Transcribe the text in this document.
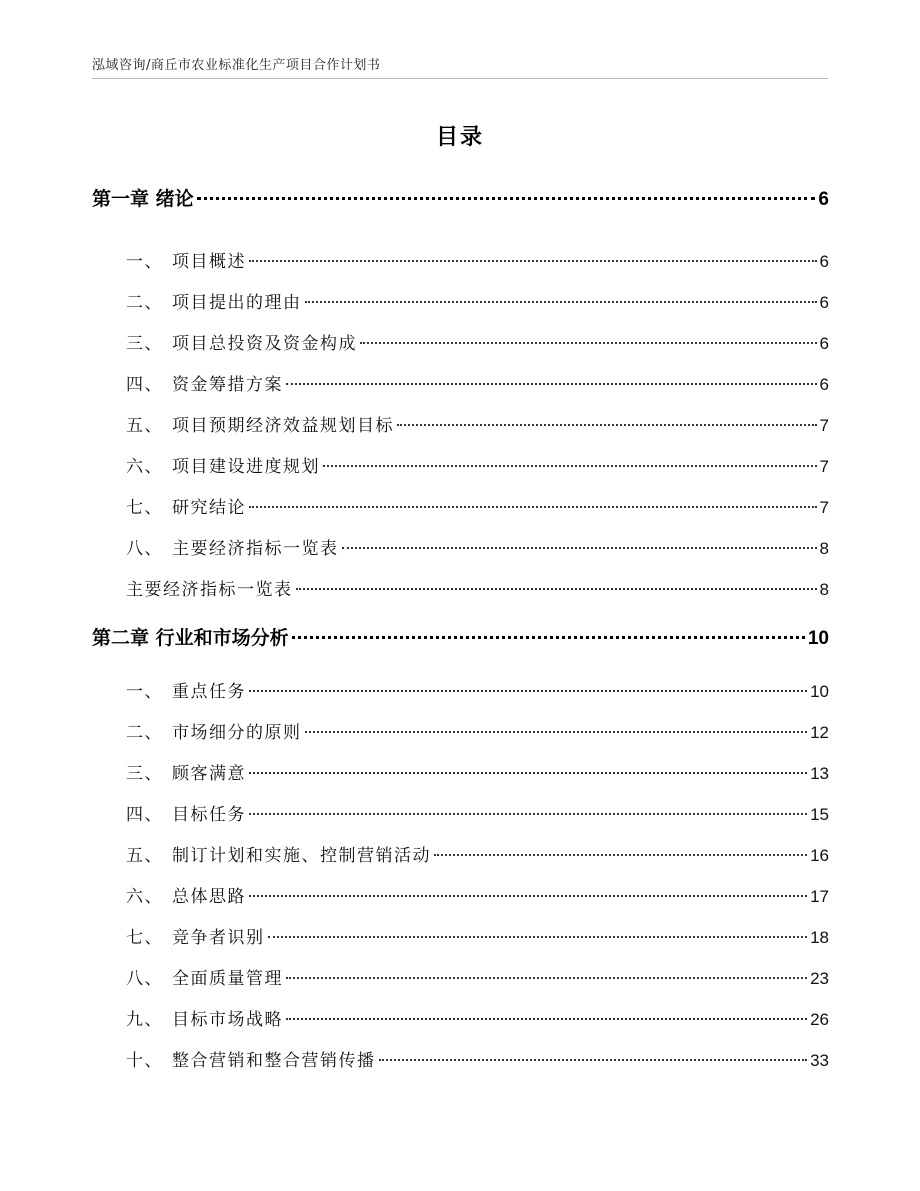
泓域咨询/商丘市农业标准化生产项目合作计划书
目录
第一章 绪论	6
一、 项目概述	6
二、 项目提出的理由	6
三、 项目总投资及资金构成	6
四、 资金筹措方案	6
五、 项目预期经济效益规划目标	7
六、 项目建设进度规划	7
七、 研究结论	7
八、 主要经济指标一览表	8
主要经济指标一览表	8
第二章 行业和市场分析	10
一、 重点任务	10
二、 市场细分的原则	12
三、 顾客满意	13
四、 目标任务	15
五、 制订计划和实施、控制营销活动	16
六、 总体思路	17
七、 竞争者识别	18
八、 全面质量管理	23
九、 目标市场战略	26
十、 整合营销和整合营销传播	33
